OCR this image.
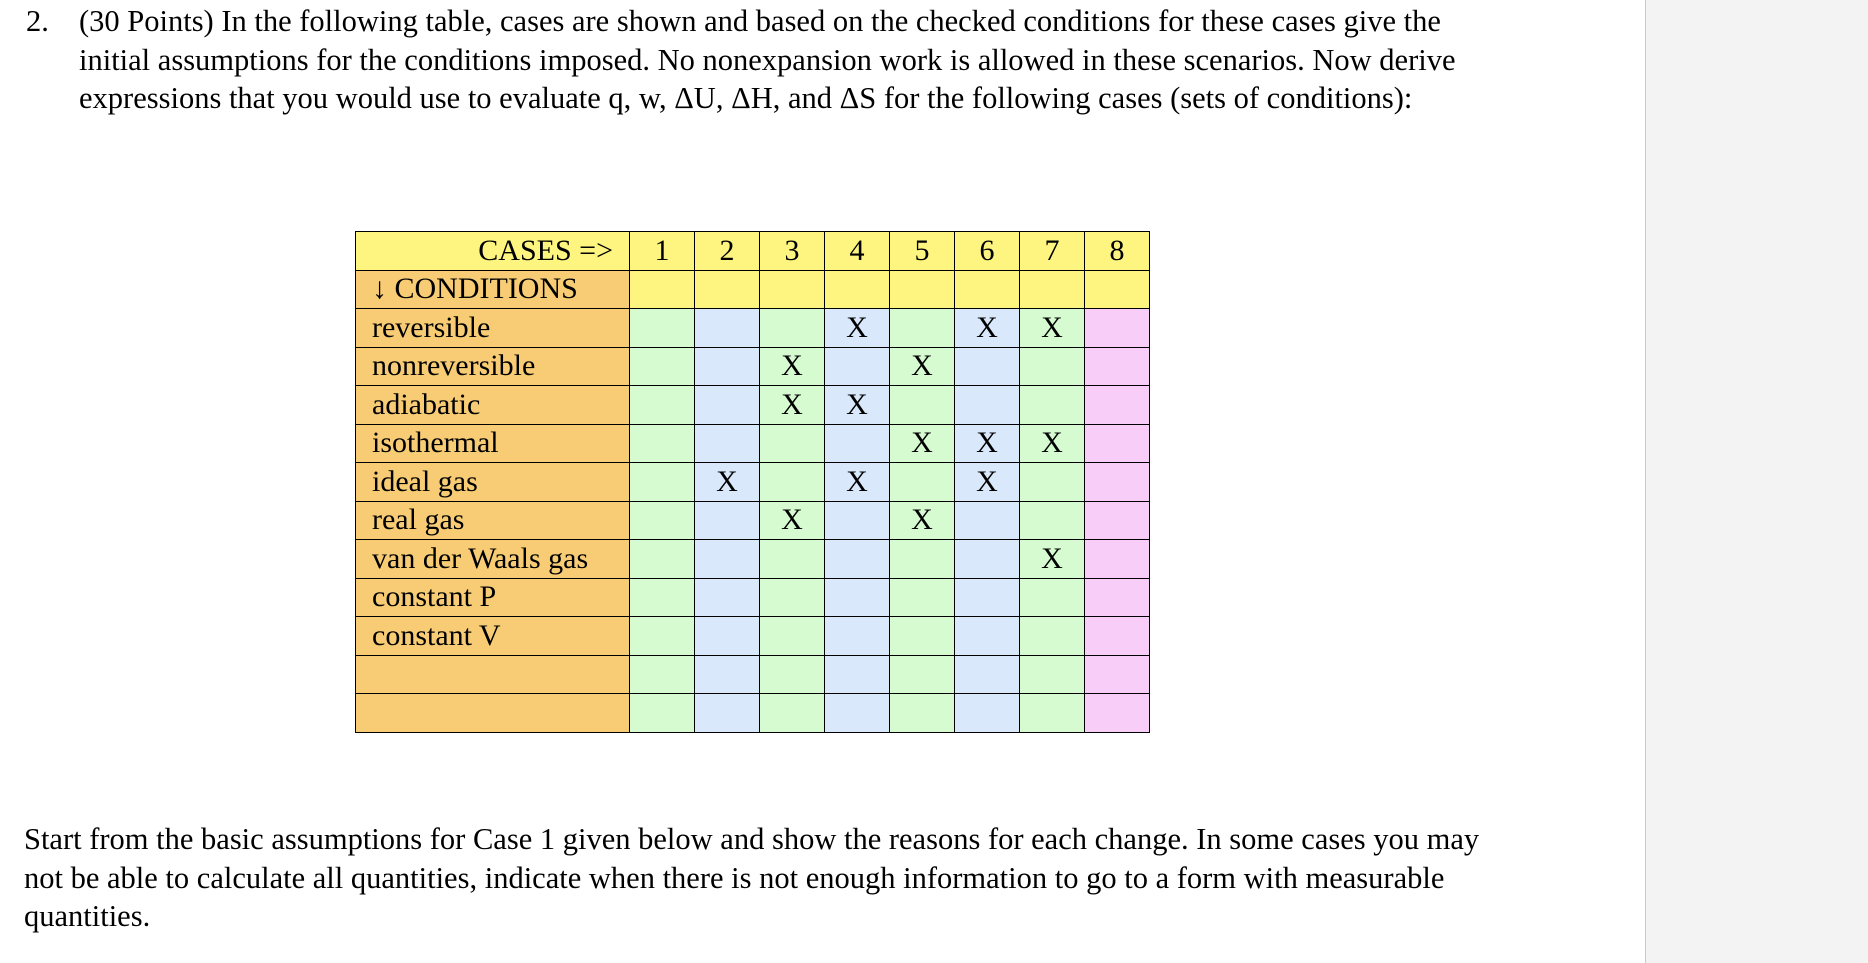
2. (30 Points) In the following table, cases are shown and based on the checked conditions for these cases give the initial assumptions for the conditions imposed. No nonexpansion work is allowed in these scenarios. Now derive expressions that you would use to evaluate q, w, ΔU, ΔH, and ΔS for the following cases (sets of conditions):
CASES =>	1	2	3	4	5	6	7	8
↓ CONDITIONS								
reversible				X		X	X	
nonreversible			X		X			
adiabatic			X	X				
isothermal					X	X	X	
ideal gas		X		X		X		
real gas			X		X			
van der Waals gas							X	
constant P								
constant V								

Start from the basic assumptions for Case 1 given below and show the reasons for each change. In some cases you may not be able to calculate all quantities, indicate when there is not enough information to go to a form with measurable quantities.
